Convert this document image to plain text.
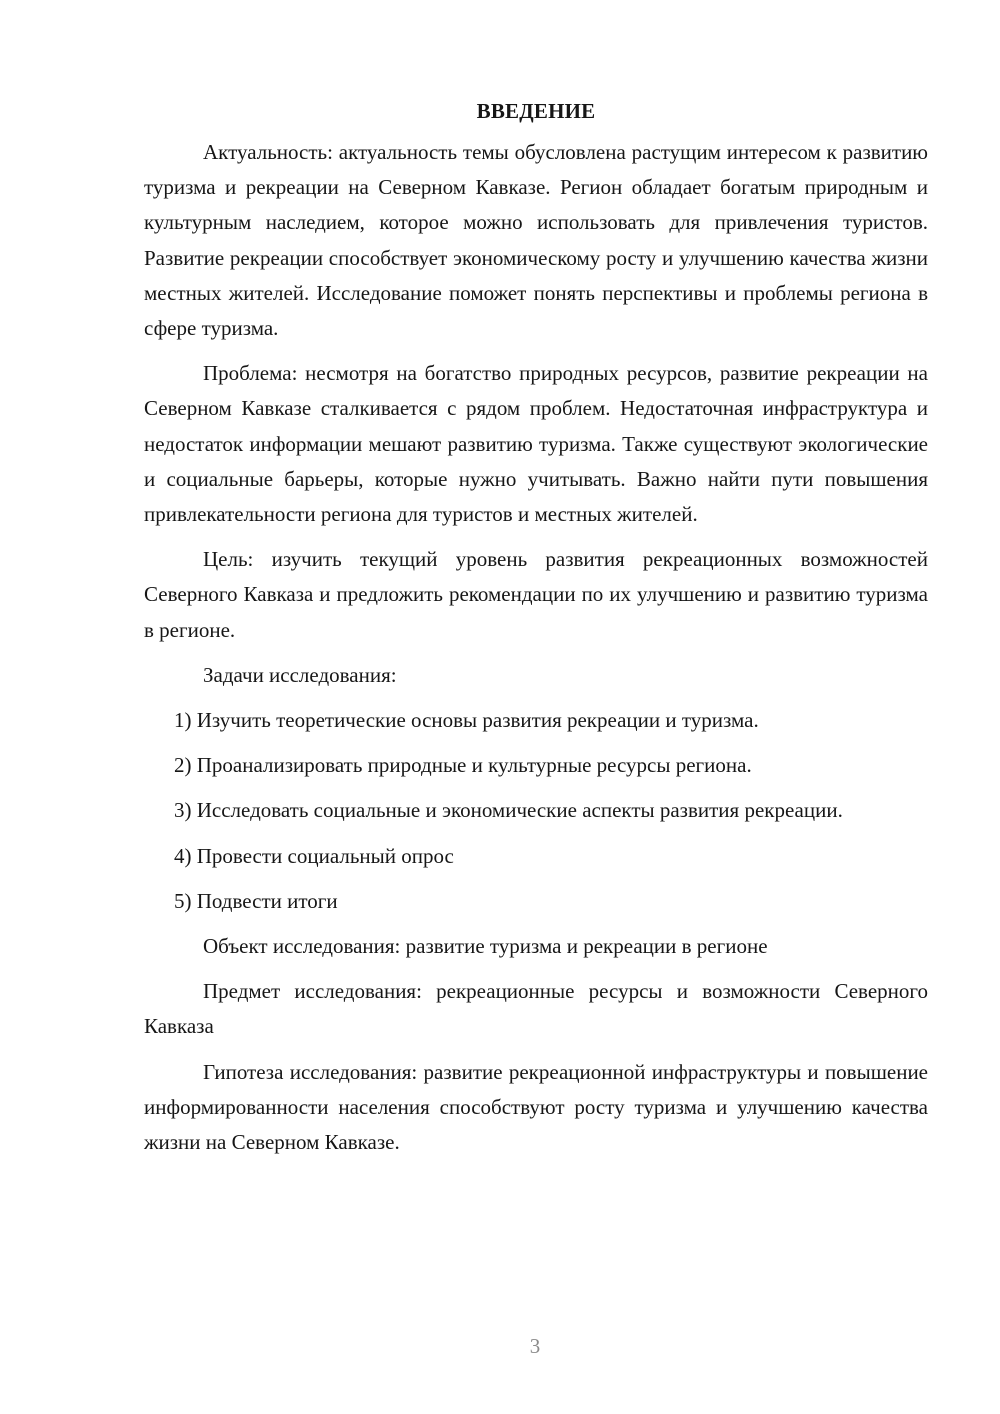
ВВЕДЕНИЕ

Актуальность: актуальность темы обусловлена растущим интересом к развитию туризма и рекреации на Северном Кавказе. Регион обладает богатым природным и культурным наследием, которое можно использовать для привлечения туристов. Развитие рекреации способствует экономическому росту и улучшению качества жизни местных жителей. Исследование поможет понять перспективы и проблемы региона в сфере туризма.

Проблема: несмотря на богатство природных ресурсов, развитие рекреации на Северном Кавказе сталкивается с рядом проблем. Недостаточная инфраструктура и недостаток информации мешают развитию туризма. Также существуют экологические и социальные барьеры, которые нужно учитывать. Важно найти пути повышения привлекательности региона для туристов и местных жителей.

Цель: изучить текущий уровень развития рекреационных возможностей Северного Кавказа и предложить рекомендации по их улучшению и развитию туризма в регионе.

Задачи исследования:

1) Изучить теоретические основы развития рекреации и туризма.

2) Проанализировать природные и культурные ресурсы региона.

3) Исследовать социальные и экономические аспекты развития рекреации.

4) Провести социальный опрос

5) Подвести итоги

Объект исследования: развитие туризма и рекреации в регионе

Предмет исследования: рекреационные ресурсы и возможности Северного Кавказа

Гипотеза исследования: развитие рекреационной инфраструктуры и повышение информированности населения способствуют росту туризма и улучшению качества жизни на Северном Кавказе.

3
